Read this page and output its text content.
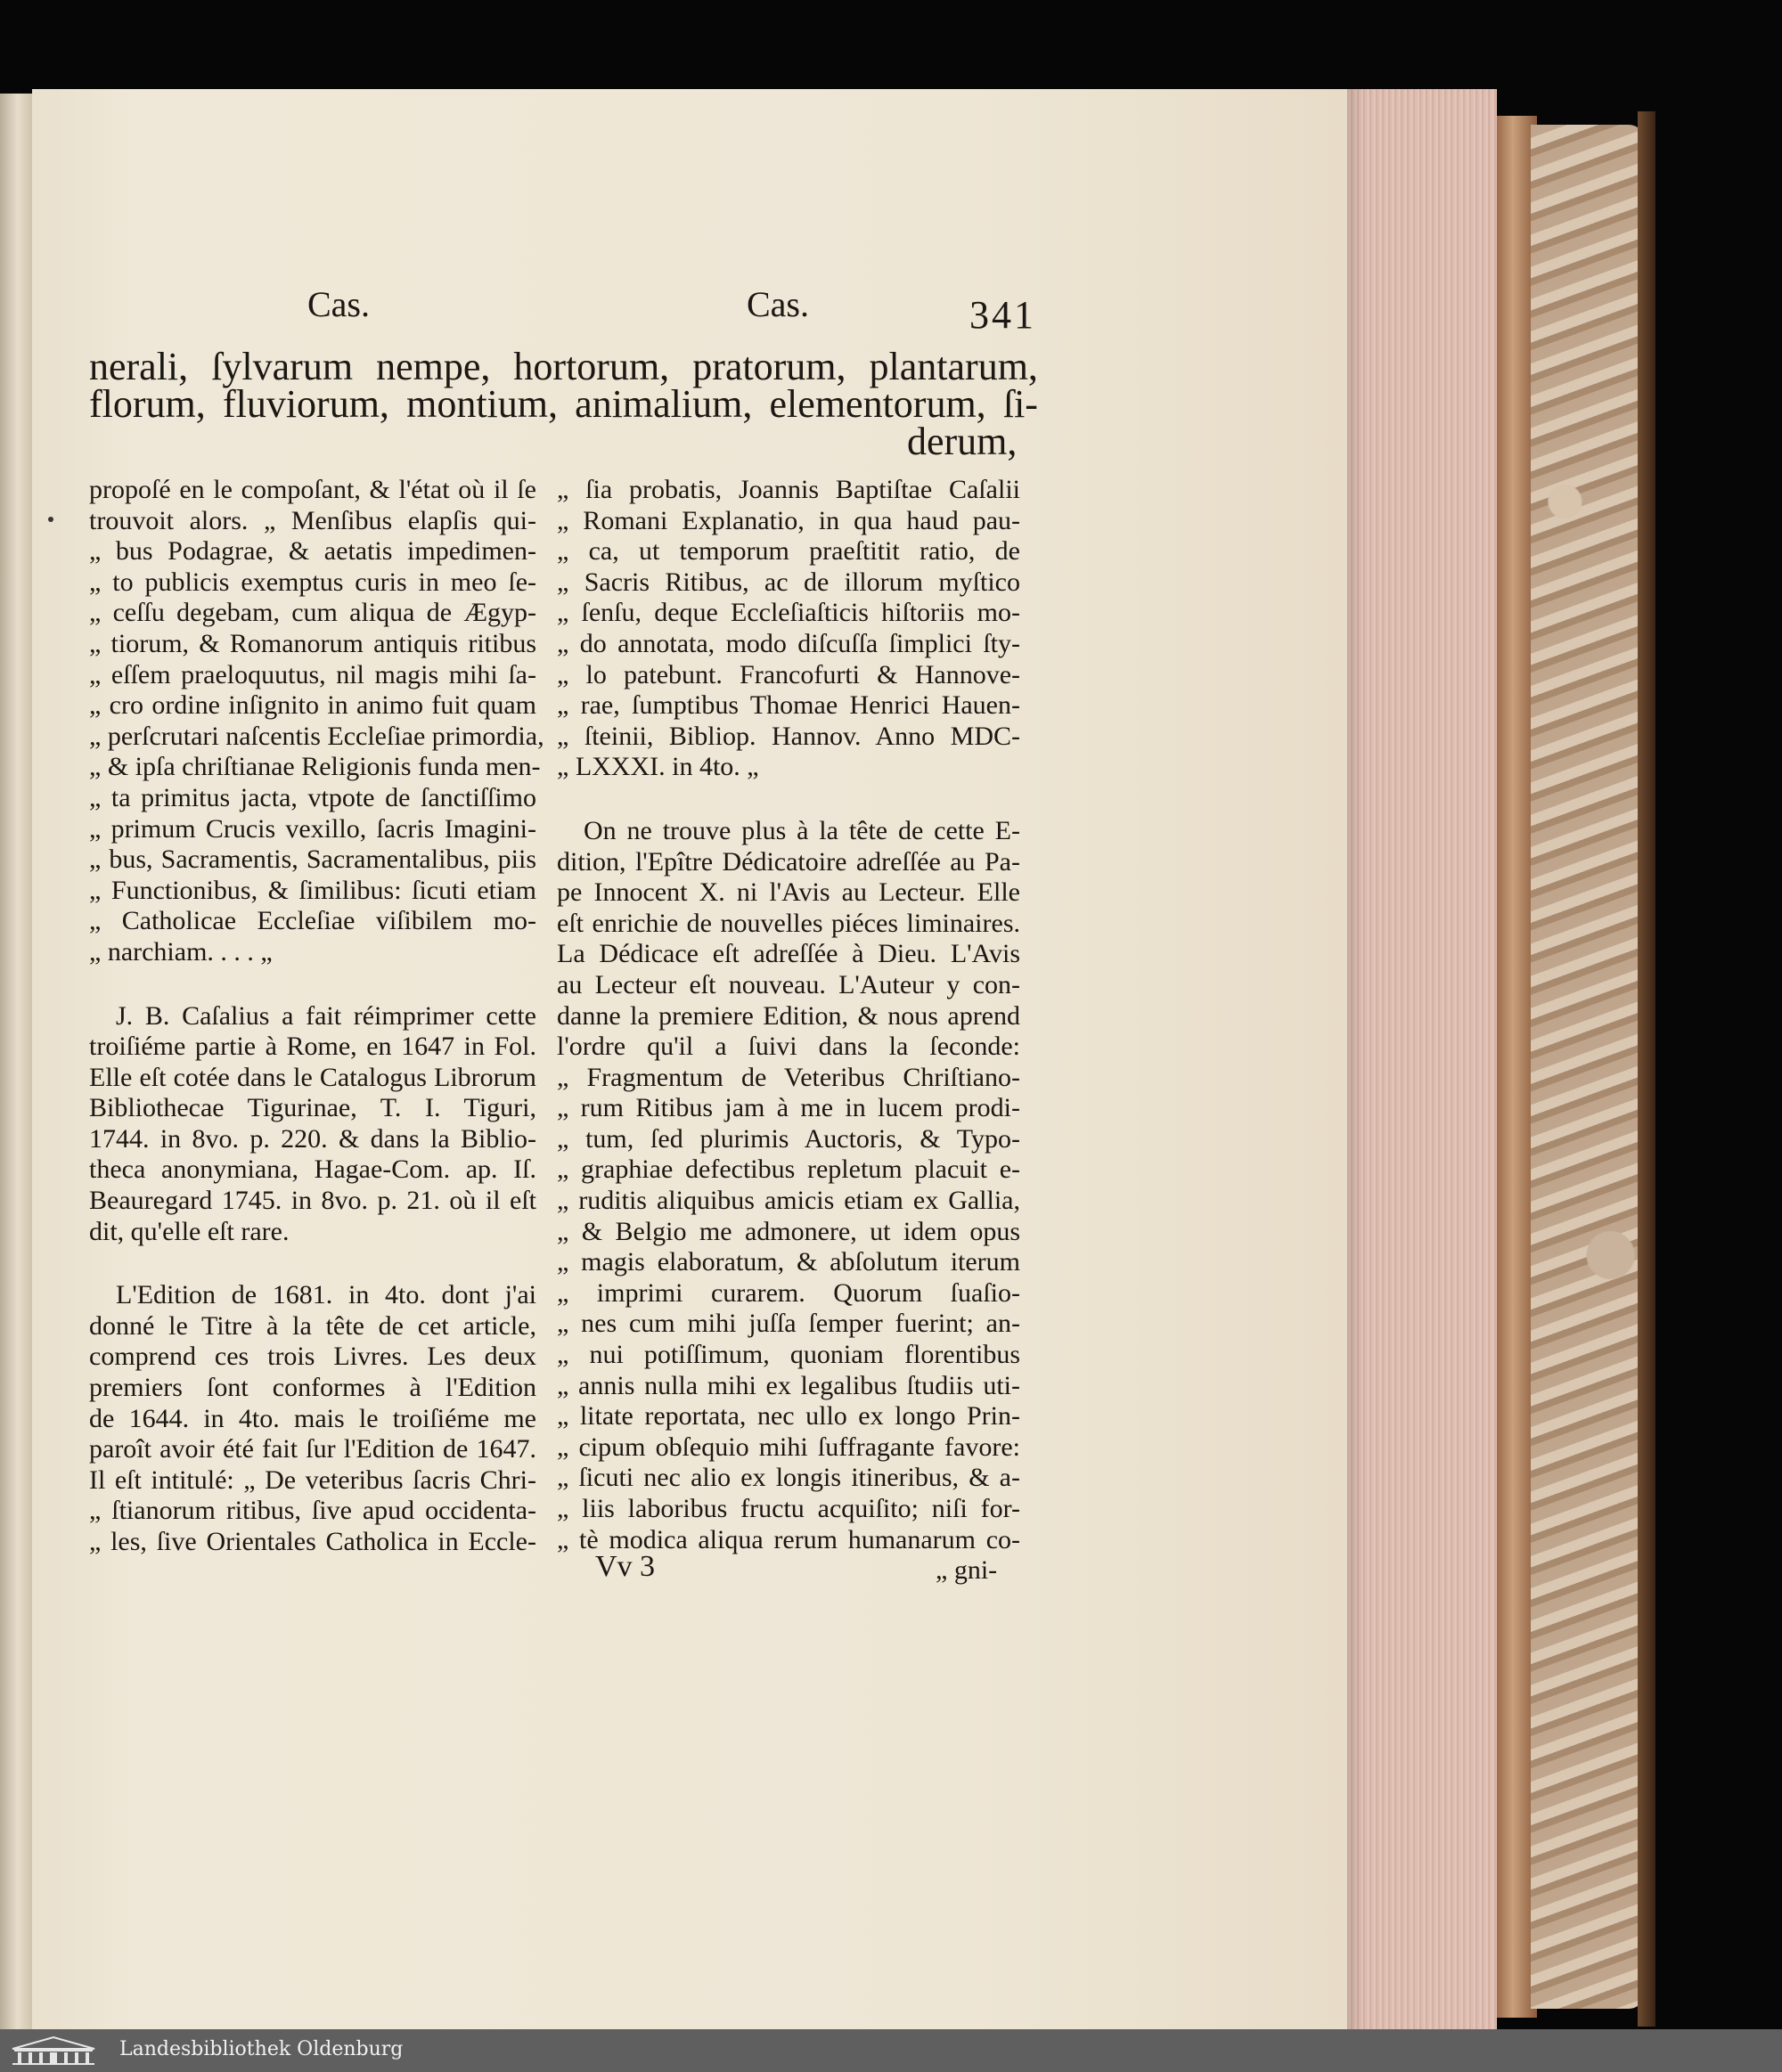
Cas.	Cas.	341
nerali, ſylvarum nempe, hortorum, pratorum, plantarum,
florum, fluviorum, montium, animalium, elementorum, ſi-
derum,
propoſé en le compoſant, & l'état où il ſe
trouvoit alors. „ Menſibus elapſis qui-
„ bus Podagrae, & aetatis impedimen-
„ to publicis exemptus curis in meo ſe-
„ ceſſu degebam, cum aliqua de Ægyp-
„ tiorum, & Romanorum antiquis ritibus
„ eſſem praeloquutus, nil magis mihi ſa-
„ cro ordine inſignito in animo fuit quam
„ perſcrutari naſcentis Eccleſiae primordia,
„ & ipſa chriſtianae Religionis funda men-
„ ta primitus jacta, vtpote de ſanctiſſimo
„ primum Crucis vexillo, ſacris Imagini-
„ bus, Sacramentis, Sacramentalibus, piis
„ Functionibus, & ſimilibus: ſicuti etiam
„ Catholicae Eccleſiae viſibilem mo-
„ narchiam. . . . „
J. B. Caſalius a fait réimprimer cette
troiſiéme partie à Rome, en 1647 in Fol.
Elle eſt cotée dans le Catalogus Librorum
Bibliothecae Tigurinae, T. I. Tiguri,
1744. in 8vo. p. 220. & dans la Biblio-
theca anonymiana, Hagae-Com. ap. Iſ.
Beauregard 1745. in 8vo. p. 21. où il eſt
dit, qu'elle eſt rare.
L'Edition de 1681. in 4to. dont j'ai
donné le Titre à la tête de cet article,
comprend ces trois Livres. Les deux
premiers ſont conformes à l'Edition
de 1644. in 4to. mais le troiſiéme me
paroît avoir été fait ſur l'Edition de 1647.
Il eſt intitulé: „ De veteribus ſacris Chri-
„ ſtianorum ritibus, ſive apud occidenta-
„ les, ſive Orientales Catholica in Eccle-
„ ſia probatis, Joannis Baptiſtae Caſalii
„ Romani Explanatio, in qua haud pau-
„ ca, ut temporum praeſtitit ratio, de
„ Sacris Ritibus, ac de illorum myſtico
„ ſenſu, deque Eccleſiaſticis hiſtoriis mo-
„ do annotata, modo diſcuſſa ſimplici ſty-
„ lo patebunt. Francofurti & Hannove-
„ rae, ſumptibus Thomae Henrici Hauen-
„ ſteinii, Bibliop. Hannov. Anno MDC-
„ LXXXI. in 4to. „
On ne trouve plus à la tête de cette E-
dition, l'Epître Dédicatoire adreſſée au Pa-
pe Innocent X. ni l'Avis au Lecteur. Elle
eſt enrichie de nouvelles piéces liminaires.
La Dédicace eſt adreſſée à Dieu. L'Avis
au Lecteur eſt nouveau. L'Auteur y con-
danne la premiere Edition, & nous aprend
l'ordre qu'il a ſuivi dans la ſeconde:
„ Fragmentum de Veteribus Chriſtiano-
„ rum Ritibus jam à me in lucem prodi-
„ tum, ſed plurimis Auctoris, & Typo-
„ graphiae defectibus repletum placuit e-
„ ruditis aliquibus amicis etiam ex Gallia,
„ & Belgio me admonere, ut idem opus
„ magis elaboratum, & abſolutum iterum
„ imprimi curarem. Quorum ſuaſio-
„ nes cum mihi juſſa ſemper fuerint; an-
„ nui potiſſimum, quoniam florentibus
„ annis nulla mihi ex legalibus ſtudiis uti-
„ litate reportata, nec ullo ex longo Prin-
„ cipum obſequio mihi ſuffragante favore:
„ ſicuti nec alio ex longis itineribus, & a-
„ liis laboribus fructu acquiſito; niſi for-
„ tè modica aliqua rerum humanarum co-
Vv 3	„ gni-
Landesbibliothek Oldenburg
